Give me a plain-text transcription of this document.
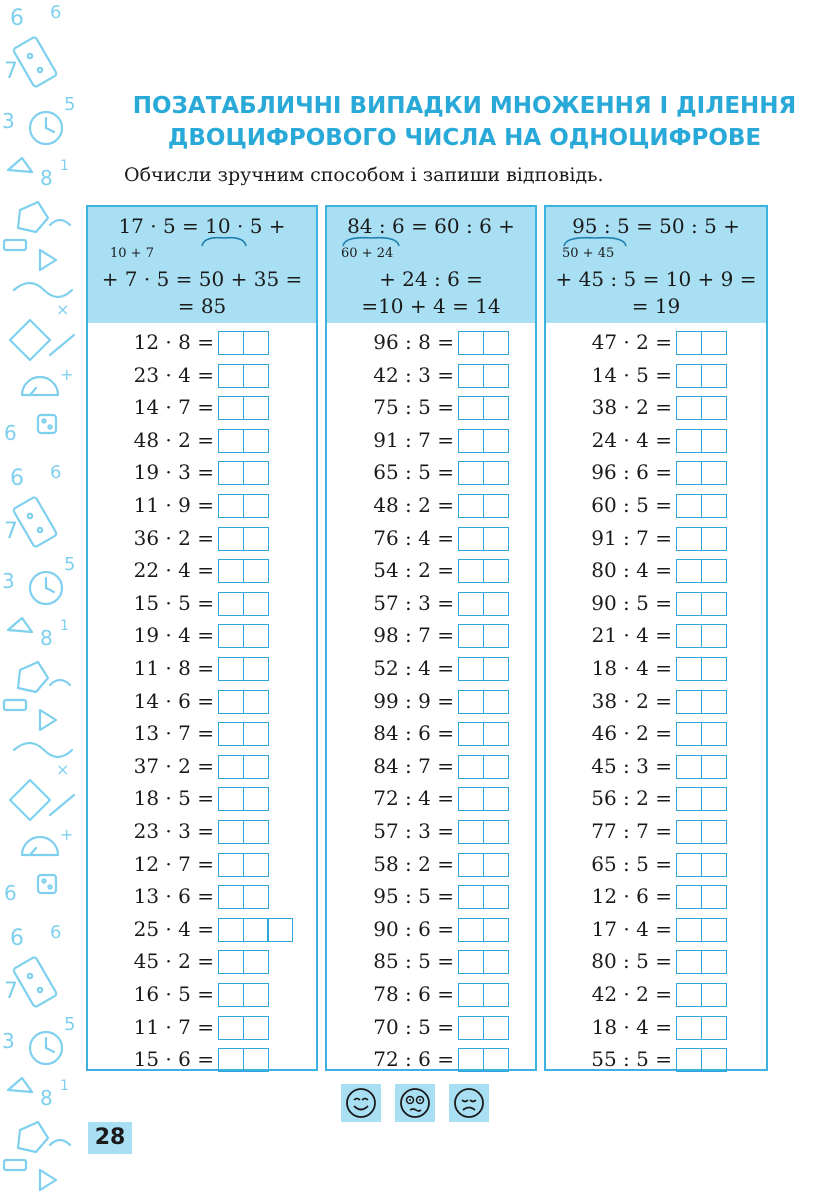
6 6
7
5
3
8 1
×
+
6
ПОЗАТАБЛИЧНІ ВИПАДКИ МНОЖЕННЯ І ДІЛЕННЯ
ДВОЦИФРОВОГО ЧИСЛА НА ОДНОЦИФРОВЕ
Обчисли зручним способом і запиши відповідь.
17 · 5 = 10 · 5 +
10 + 7
+ 7 · 5 = 50 + 35 =
= 85
12 · 8 =
23 · 4 =
14 · 7 =
48 · 2 =
19 · 3 =
11 · 9 =
36 · 2 =
22 · 4 =
15 · 5 =
19 · 4 =
11 · 8 =
14 · 6 =
13 · 7 =
37 · 2 =
18 · 5 =
23 · 3 =
12 · 7 =
13 · 6 =
25 · 4 =
45 · 2 =
16 · 5 =
11 · 7 =
15 · 6 =
84 : 6 = 60 : 6 +
60 + 24
+ 24 : 6 =
=10 + 4 = 14
96 : 8 =
42 : 3 =
75 : 5 =
91 : 7 =
65 : 5 =
48 : 2 =
76 : 4 =
54 : 2 =
57 : 3 =
98 : 7 =
52 : 4 =
99 : 9 =
84 : 6 =
84 : 7 =
72 : 4 =
57 : 3 =
58 : 2 =
95 : 5 =
90 : 6 =
85 : 5 =
78 : 6 =
70 : 5 =
72 : 6 =
95 : 5 = 50 : 5 +
50 + 45
+ 45 : 5 = 10 + 9 =
= 19
47 · 2 =
14 · 5 =
38 · 2 =
24 · 4 =
96 : 6 =
60 : 5 =
91 : 7 =
80 : 4 =
90 : 5 =
21 · 4 =
18 · 4 =
38 · 2 =
46 · 2 =
45 : 3 =
56 : 2 =
77 : 7 =
65 : 5 =
12 · 6 =
17 · 4 =
80 : 5 =
42 · 2 =
18 · 4 =
55 : 5 =
28
